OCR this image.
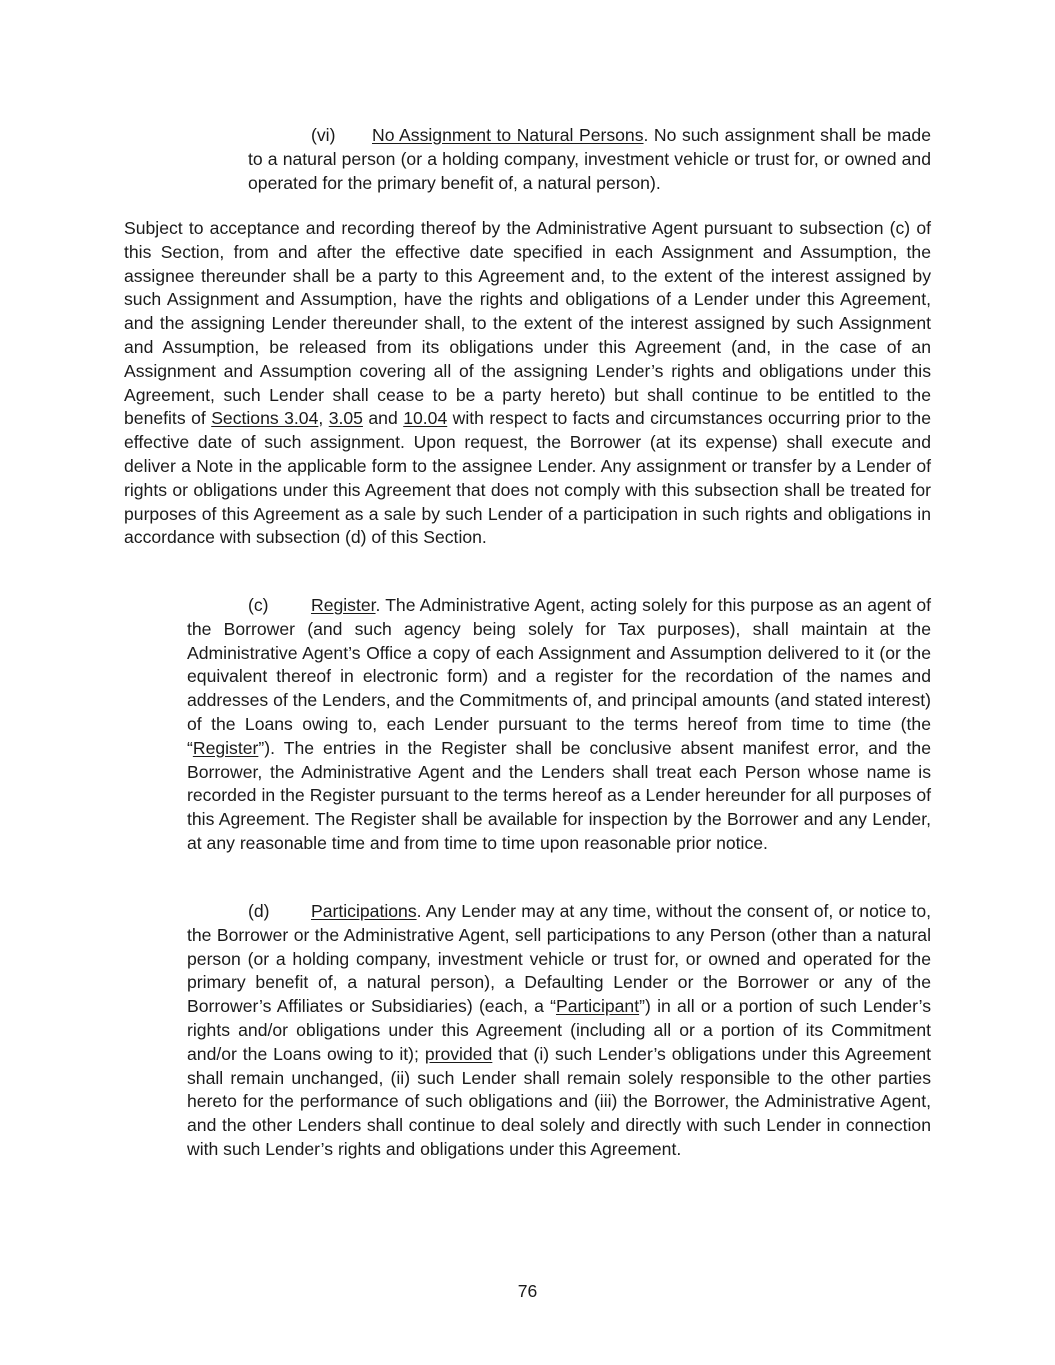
(vi) No Assignment to Natural Persons. No such assignment shall be made to a natural person (or a holding company, investment vehicle or trust for, or owned and operated for the primary benefit of, a natural person).

Subject to acceptance and recording thereof by the Administrative Agent pursuant to subsection (c) of this Section, from and after the effective date specified in each Assignment and Assumption, the assignee thereunder shall be a party to this Agreement and, to the extent of the interest assigned by such Assignment and Assumption, have the rights and obligations of a Lender under this Agreement, and the assigning Lender thereunder shall, to the extent of the interest assigned by such Assignment and Assumption, be released from its obligations under this Agreement (and, in the case of an Assignment and Assumption covering all of the assigning Lender’s rights and obligations under this Agreement, such Lender shall cease to be a party hereto) but shall continue to be entitled to the benefits of Sections 3.04, 3.05 and 10.04 with respect to facts and circumstances occurring prior to the effective date of such assignment. Upon request, the Borrower (at its expense) shall execute and deliver a Note in the applicable form to the assignee Lender. Any assignment or transfer by a Lender of rights or obligations under this Agreement that does not comply with this subsection shall be treated for purposes of this Agreement as a sale by such Lender of a participation in such rights and obligations in accordance with subsection (d) of this Section.

(c) Register. The Administrative Agent, acting solely for this purpose as an agent of the Borrower (and such agency being solely for Tax purposes), shall maintain at the Administrative Agent’s Office a copy of each Assignment and Assumption delivered to it (or the equivalent thereof in electronic form) and a register for the recordation of the names and addresses of the Lenders, and the Commitments of, and principal amounts (and stated interest) of the Loans owing to, each Lender pursuant to the terms hereof from time to time (the “Register”). The entries in the Register shall be conclusive absent manifest error, and the Borrower, the Administrative Agent and the Lenders shall treat each Person whose name is recorded in the Register pursuant to the terms hereof as a Lender hereunder for all purposes of this Agreement. The Register shall be available for inspection by the Borrower and any Lender, at any reasonable time and from time to time upon reasonable prior notice.

(d) Participations. Any Lender may at any time, without the consent of, or notice to, the Borrower or the Administrative Agent, sell participations to any Person (other than a natural person (or a holding company, investment vehicle or trust for, or owned and operated for the primary benefit of, a natural person), a Defaulting Lender or the Borrower or any of the Borrower’s Affiliates or Subsidiaries) (each, a “Participant”) in all or a portion of such Lender’s rights and/or obligations under this Agreement (including all or a portion of its Commitment and/or the Loans owing to it); provided that (i) such Lender’s obligations under this Agreement shall remain unchanged, (ii) such Lender shall remain solely responsible to the other parties hereto for the performance of such obligations and (iii) the Borrower, the Administrative Agent, and the other Lenders shall continue to deal solely and directly with such Lender in connection with such Lender’s rights and obligations under this Agreement.

76
